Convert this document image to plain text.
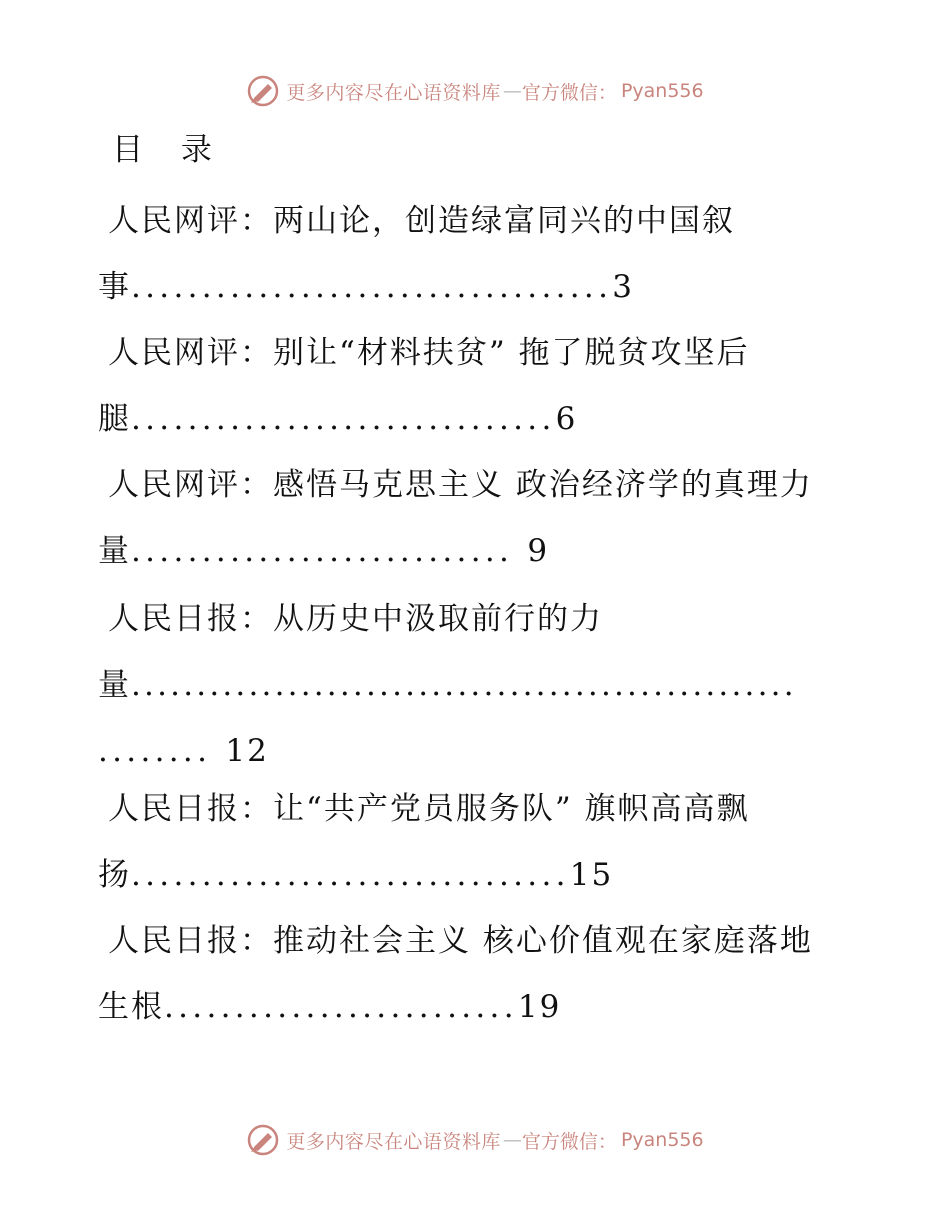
更多内容尽在心语资料库 — 官方微信： Pyan556
目 录
人民网评：两山论，创造绿富同兴的中国叙
事..................................3
人民网评：别让“材料扶贫” 拖了脱贫攻坚后
腿..............................6
人民网评：感悟马克思主义 政治经济学的真理力
量........................... 9
人民日报：从历史中汲取前行的力
量...................................................
........ 12
人民日报：让“共产党员服务队” 旗帜高高飘
扬...............................15
人民日报：推动社会主义 核心价值观在家庭落地
生根.........................19
更多内容尽在心语资料库 — 官方微信： Pyan556
